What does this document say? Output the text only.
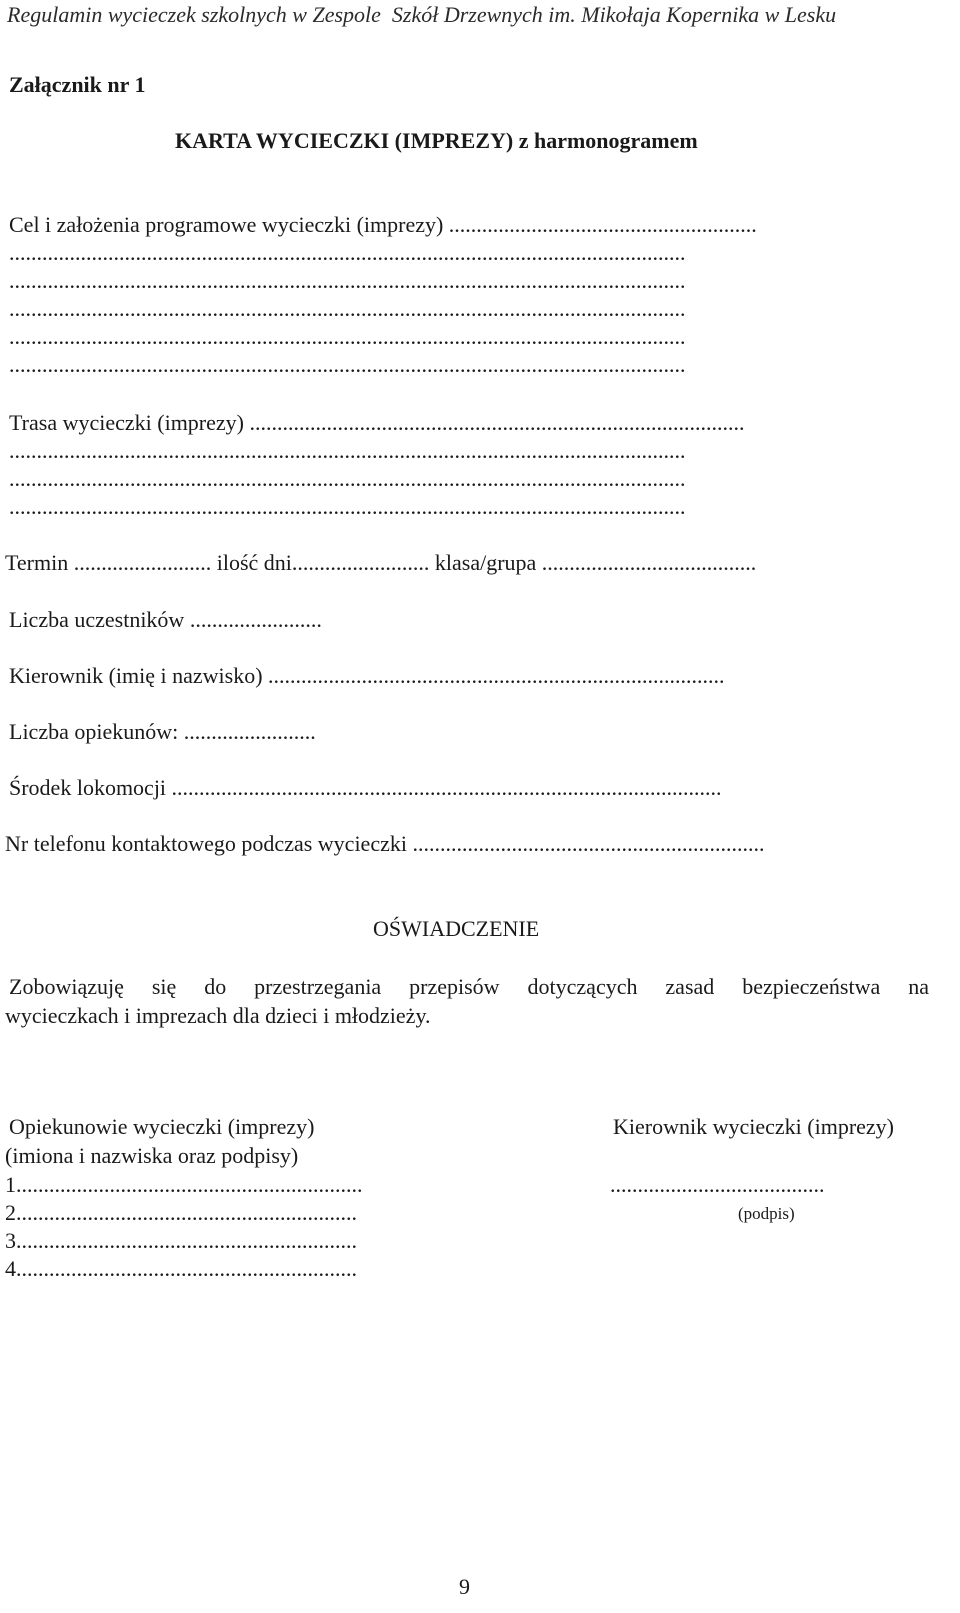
Regulamin wycieczek szkolnych w Zespole  Szkół Drzewnych im. Mikołaja Kopernika w Lesku
Załącznik nr 1
KARTA WYCIECZKI (IMPREZY) z harmonogramem
Cel i założenia programowe wycieczki (imprezy) ........................................................
...........................................................................................................................
...........................................................................................................................
...........................................................................................................................
...........................................................................................................................
...........................................................................................................................
Trasa wycieczki (imprezy) ..........................................................................................
...........................................................................................................................
...........................................................................................................................
...........................................................................................................................
Termin ......................... ilość dni......................... klasa/grupa .......................................
Liczba uczestników ........................
Kierownik (imię i nazwisko) ...................................................................................
Liczba opiekunów: ........................
Środek lokomocji ....................................................................................................
Nr telefonu kontaktowego podczas wycieczki ................................................................
OŚWIADCZENIE
Zobowiązuję się do przestrzegania przepisów dotyczących zasad bezpieczeństwa na
wycieczkach i imprezach dla dzieci i młodzieży.
Opiekunowie wycieczki (imprezy)	Kierownik wycieczki (imprezy)
(imiona i nazwiska oraz podpisy)
1...............................................................	.......................................
2..............................................................	(podpis)
3..............................................................
4..............................................................
9
